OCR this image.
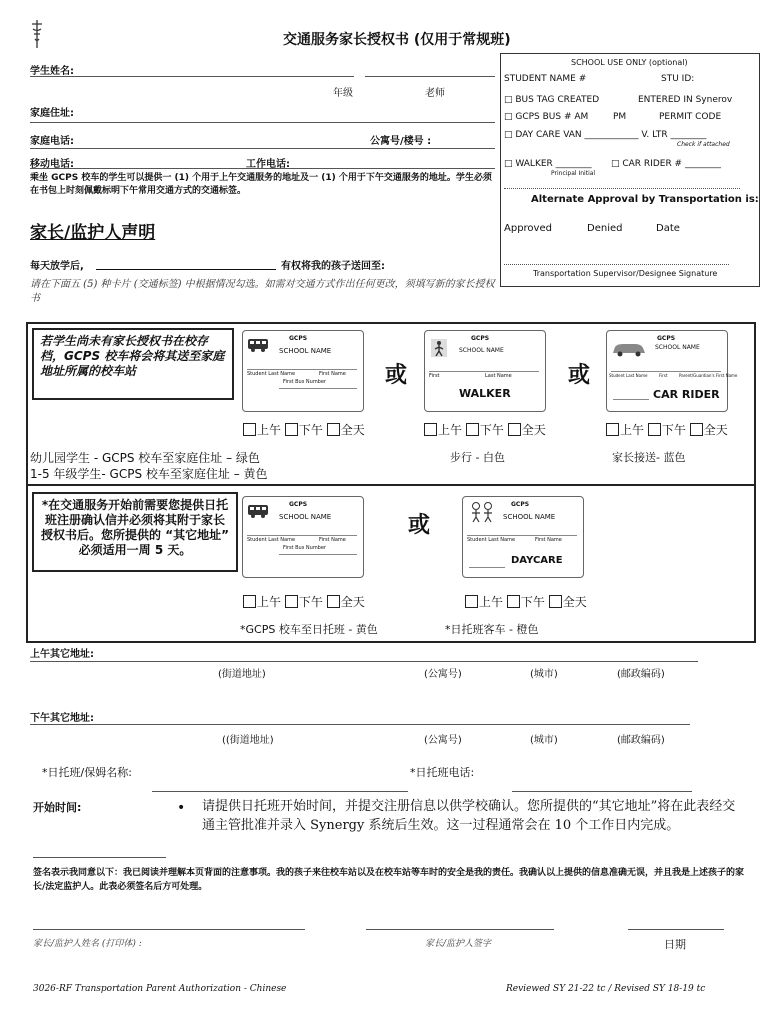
交通服务家长授权书 (仅用于常规班)
学生姓名:
年级	老师
家庭住址:
家庭电话:	公寓号/楼号 :
移动电话:	工作电话:
乘坐 GCPS 校车的学生可以提供一 (1) 个用于上午交通服务的地址及一 (1) 个用于下午交通服务的地址。学生必须在书包上时刻佩戴标明下午常用交通方式的交通标签。
SCHOOL USE ONLY (optional)
STUDENT NAME #	STU ID:
□ BUS TAG CREATED	ENTERED IN Synerov
□ GCPS BUS # AM	PM	PERMIT CODE
□ DAY CARE VAN ____________ V. LTR ________
Check if attached
□ WALKER ________
Principal Initial
□ CAR RIDER # ________
Alternate Approval by Transportation is:
Approved	Denied	Date
Transportation Supervisor/Designee Signature
家长/监护人声明
每天放学后,	有权将我的孩子送回至:
请在下面五 (5) 种卡片 (交通标签) 中根据情况勾选。如需对交通方式作出任何更改，须填写新的家长授权书
若学生尚未有家长授权书在校存档，GCPS 校车将会将其送至家庭地址所属的校车站
GCPS
SCHOOL NAME
Student Last Name	First Name
First Bus Number	或
GCPS
SCHOOL NAME
First	Last Name
WALKER
或
GCPS
SCHOOL NAME
Student Last Name	First	Parent/Guardian's First Name
CAR RIDER
上午 下午 全天	上午 下午 全天	上午 下午 全天
幼儿园学生 - GCPS 校车至家庭住址 – 绿色
1-5 年级学生- GCPS 校车至家庭住址 – 黄色
步行 - 白色	家长接送- 蓝色
*在交通服务开始前需要您提供日托班注册确认信并必须将其附于家长授权书后。您所提供的 “其它地址” 必须适用一周 5 天。
GCPS
SCHOOL NAME
Student Last Name	First Name
First Bus Number
或
GCPS
SCHOOL NAME
Student Last Name	First Name
DAYCARE
上午 下午 全天	上午 下午 全天
*GCPS 校车至日托班 - 黄色	*日托班客车 - 橙色
上午其它地址:
(街道地址)	(公寓号)	(城市)	(邮政编码)
下午其它地址:
((街道地址)	(公寓号)	(城市)	(邮政编码)
*日托班/保姆名称:	*日托班电话:
开始时间:	• 请提供日托班开始时间，并提交注册信息以供学校确认。您所提供的“其它地址”将在此表经交通主管批准并录入 Synergy 系统后生效。这一过程通常会在 10 个工作日内完成。
签名表示我同意以下：我已阅读并理解本页背面的注意事项。我的孩子来往校车站以及在校车站等车时的安全是我的责任。我确认以上提供的信息准确无误，并且我是上述孩子的家长/法定监护人。此表必须签名后方可处理。
家长/监护人姓名 (打印体) :	家长/监护人签字	日期
3026-RF Transportation Parent Authorization - Chinese	Reviewed SY 21-22 tc / Revised SY 18-19 tc
